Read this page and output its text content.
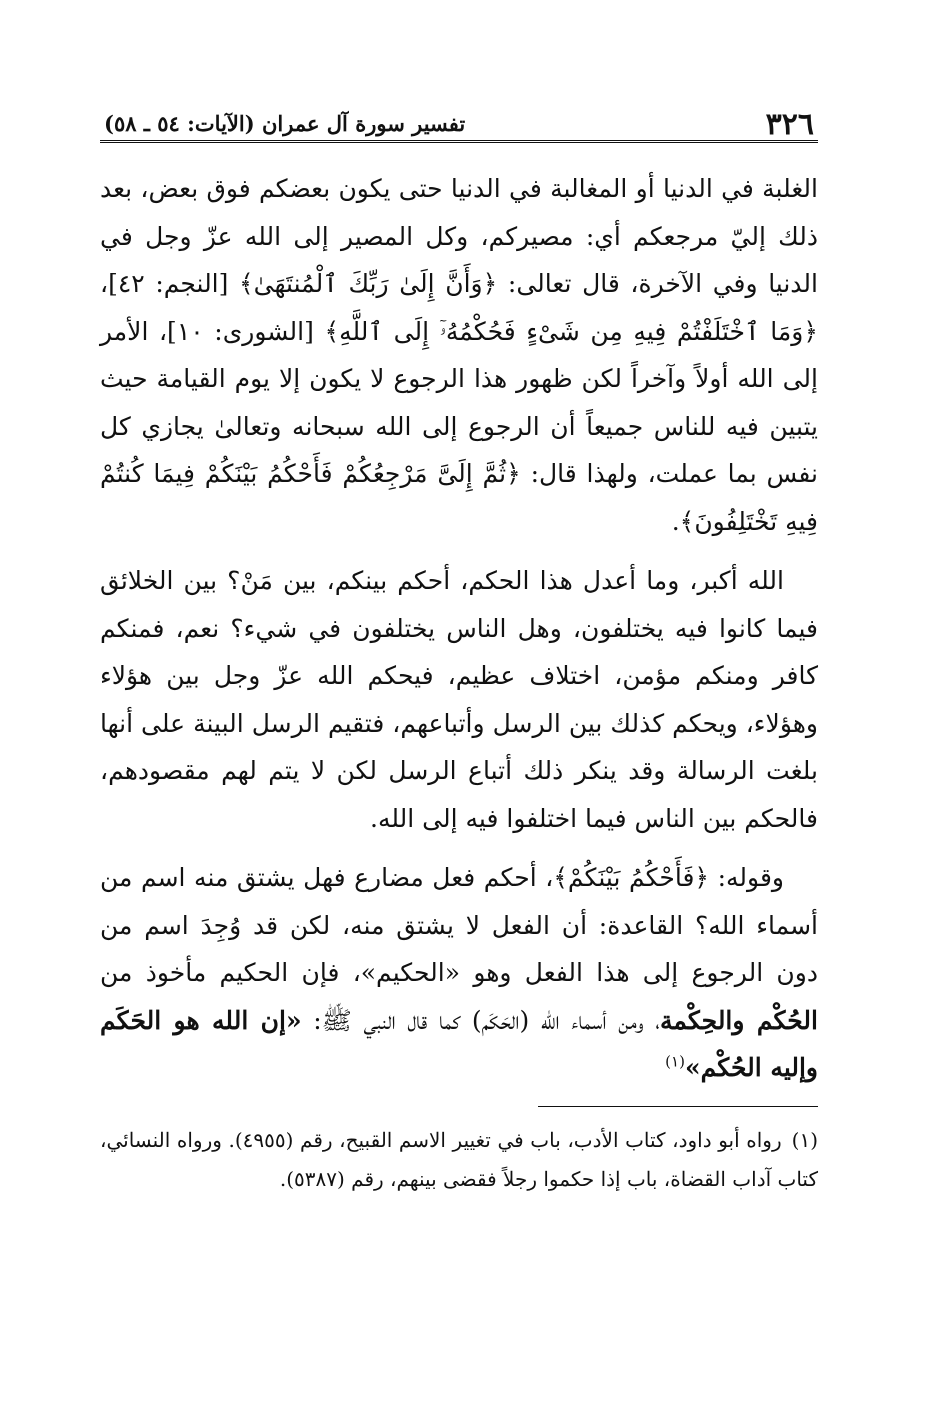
٣٢٦
تفسير سورة آل عمران (الآيات: ٥٤ ـ ٥٨)

الغلبة في الدنيا أو المغالبة في الدنيا حتى يكون بعضكم فوق بعض، بعد ذلك إليّ مرجعكم أي: مصيركم، وكل المصير إلى الله عزّ وجل في الدنيا وفي الآخرة، قال تعالى: ﴿وَأَنَّ إِلَىٰ رَبِّكَ ٱلْمُنتَهَىٰ﴾ [النجم: ٤٢]، ﴿وَمَا ٱخْتَلَفْتُمْ فِيهِ مِن شَىْءٍ فَحُكْمُهُۥٓ إِلَى ٱللَّهِ﴾ [الشورى: ١٠]، الأمر إلى الله أولاً وآخراً لكن ظهور هذا الرجوع لا يكون إلا يوم القيامة حيث يتبين فيه للناس جميعاً أن الرجوع إلى الله سبحانه وتعالىٰ يجازي كل نفس بما عملت، ولهذا قال: ﴿ثُمَّ إِلَىَّ مَرْجِعُكُمْ فَأَحْكُمُ بَيْنَكُمْ فِيمَا كُنتُمْ فِيهِ تَخْتَلِفُونَ﴾.

الله أكبر، وما أعدل هذا الحكم، أحكم بينكم، بين مَنْ؟ بين الخلائق فيما كانوا فيه يختلفون، وهل الناس يختلفون في شيء؟ نعم، فمنكم كافر ومنكم مؤمن، اختلاف عظيم، فيحكم الله عزّ وجل بين هؤلاء وهؤلاء، ويحكم كذلك بين الرسل وأتباعهم، فتقيم الرسل البينة على أنها بلغت الرسالة وقد ينكر ذلك أتباع الرسل لكن لا يتم لهم مقصودهم، فالحكم بين الناس فيما اختلفوا فيه إلى الله.

وقوله: ﴿فَأَحْكُمُ بَيْنَكُمْ﴾، أحكم فعل مضارع فهل يشتق منه اسم من أسماء الله؟ القاعدة: أن الفعل لا يشتق منه، لكن قد وُجِدَ اسم من دون الرجوع إلى هذا الفعل وهو «الحكيم»، فإن الحكيم مأخوذ من الحُكْم والحِكْمة، ومن أسماء الله (الحَكَم) كما قال النبي ﷺ: «إن الله هو الحَكَم وإليه الحُكْم»$^{(١)}$

(١)رواه أبو داود، كتاب الأدب، باب في تغيير الاسم القبيح، رقم (٤٩٥٥). ورواه النسائي، كتاب آداب القضاة، باب إذا حكموا رجلاً فقضى بينهم، رقم (٥٣٨٧).
